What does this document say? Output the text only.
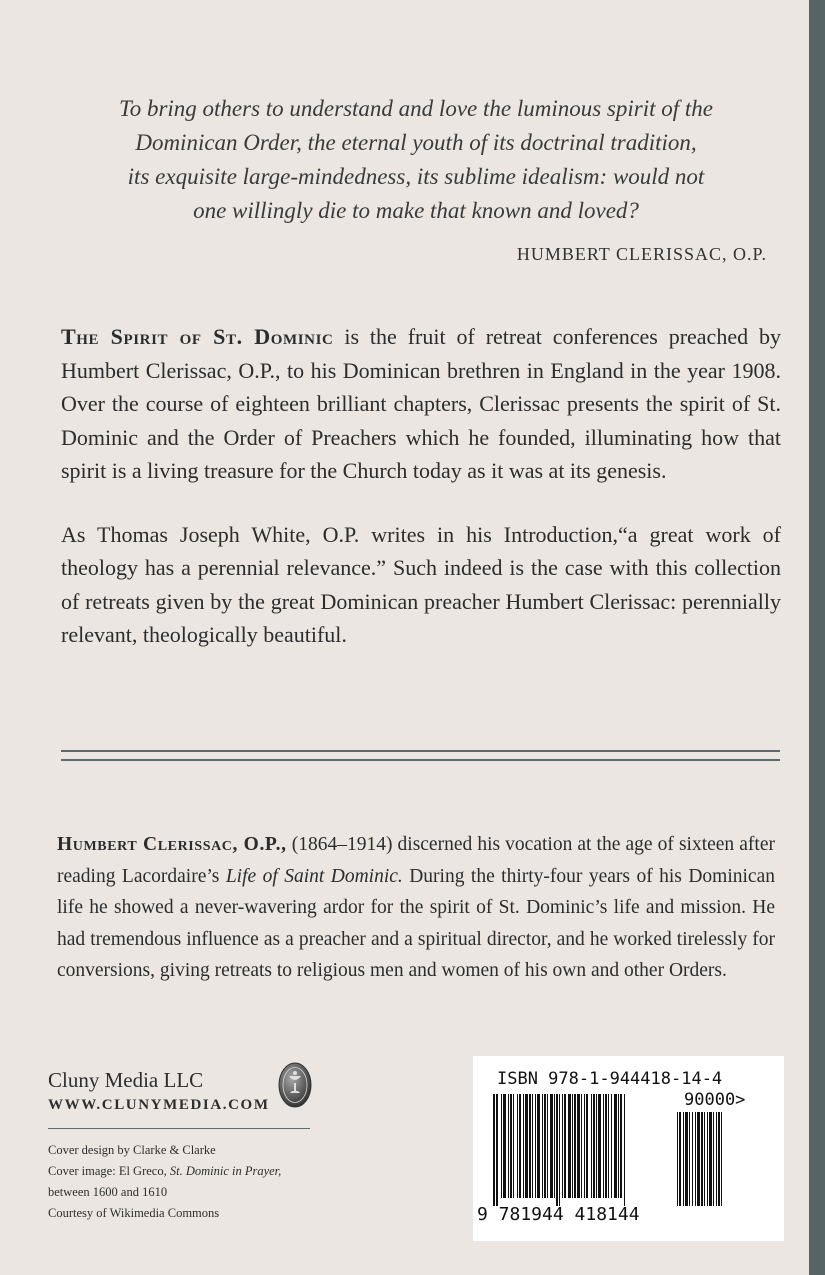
To bring others to understand and love the luminous spirit of the

Dominican Order, the eternal youth of its doctrinal tradition,

its exquisite large-mindedness, its sublime idealism: would not

one willingly die to make that known and loved?

HUMBERT CLERISSAC, O.P.

The Spirit of St. Dominic is the fruit of retreat conferences preached by Humbert Clerissac, O.P., to his Dominican brethren in England in the year 1908. Over the course of eighteen brilliant chapters, Clerissac presents the spirit of St. Dominic and the Order of Preachers which he founded, illuminating how that spirit is a living treasure for the Church today as it was at its genesis.

As Thomas Joseph White, O.P. writes in his Introduction,“a great work of theology has a perennial relevance.” Such indeed is the case with this collection of retreats given by the great Dominican preacher Humbert Clerissac: perennially relevant, theologically beautiful.

Humbert Clerissac, O.P., (1864–1914) discerned his vocation at the age of sixteen after reading Lacordaire’s Life of Saint Dominic. During the thirty-four years of his Dominican life he showed a never-wavering ardor for the spirit of St. Dominic’s life and mission. He had tremendous influence as a preacher and a spiritual director, and he worked tirelessly for conversions, giving retreats to religious men and women of his own and other Orders.

Cluny Media LLC
WWW.CLUNYMEDIA.COM
Cover design by Clarke & Clarke
Cover image: El Greco, St. Dominic in Prayer,
between 1600 and 1610
Courtesy of Wikimedia Commons
ISBN 978-1-944418-14-4
90000>
9 781944 418144
